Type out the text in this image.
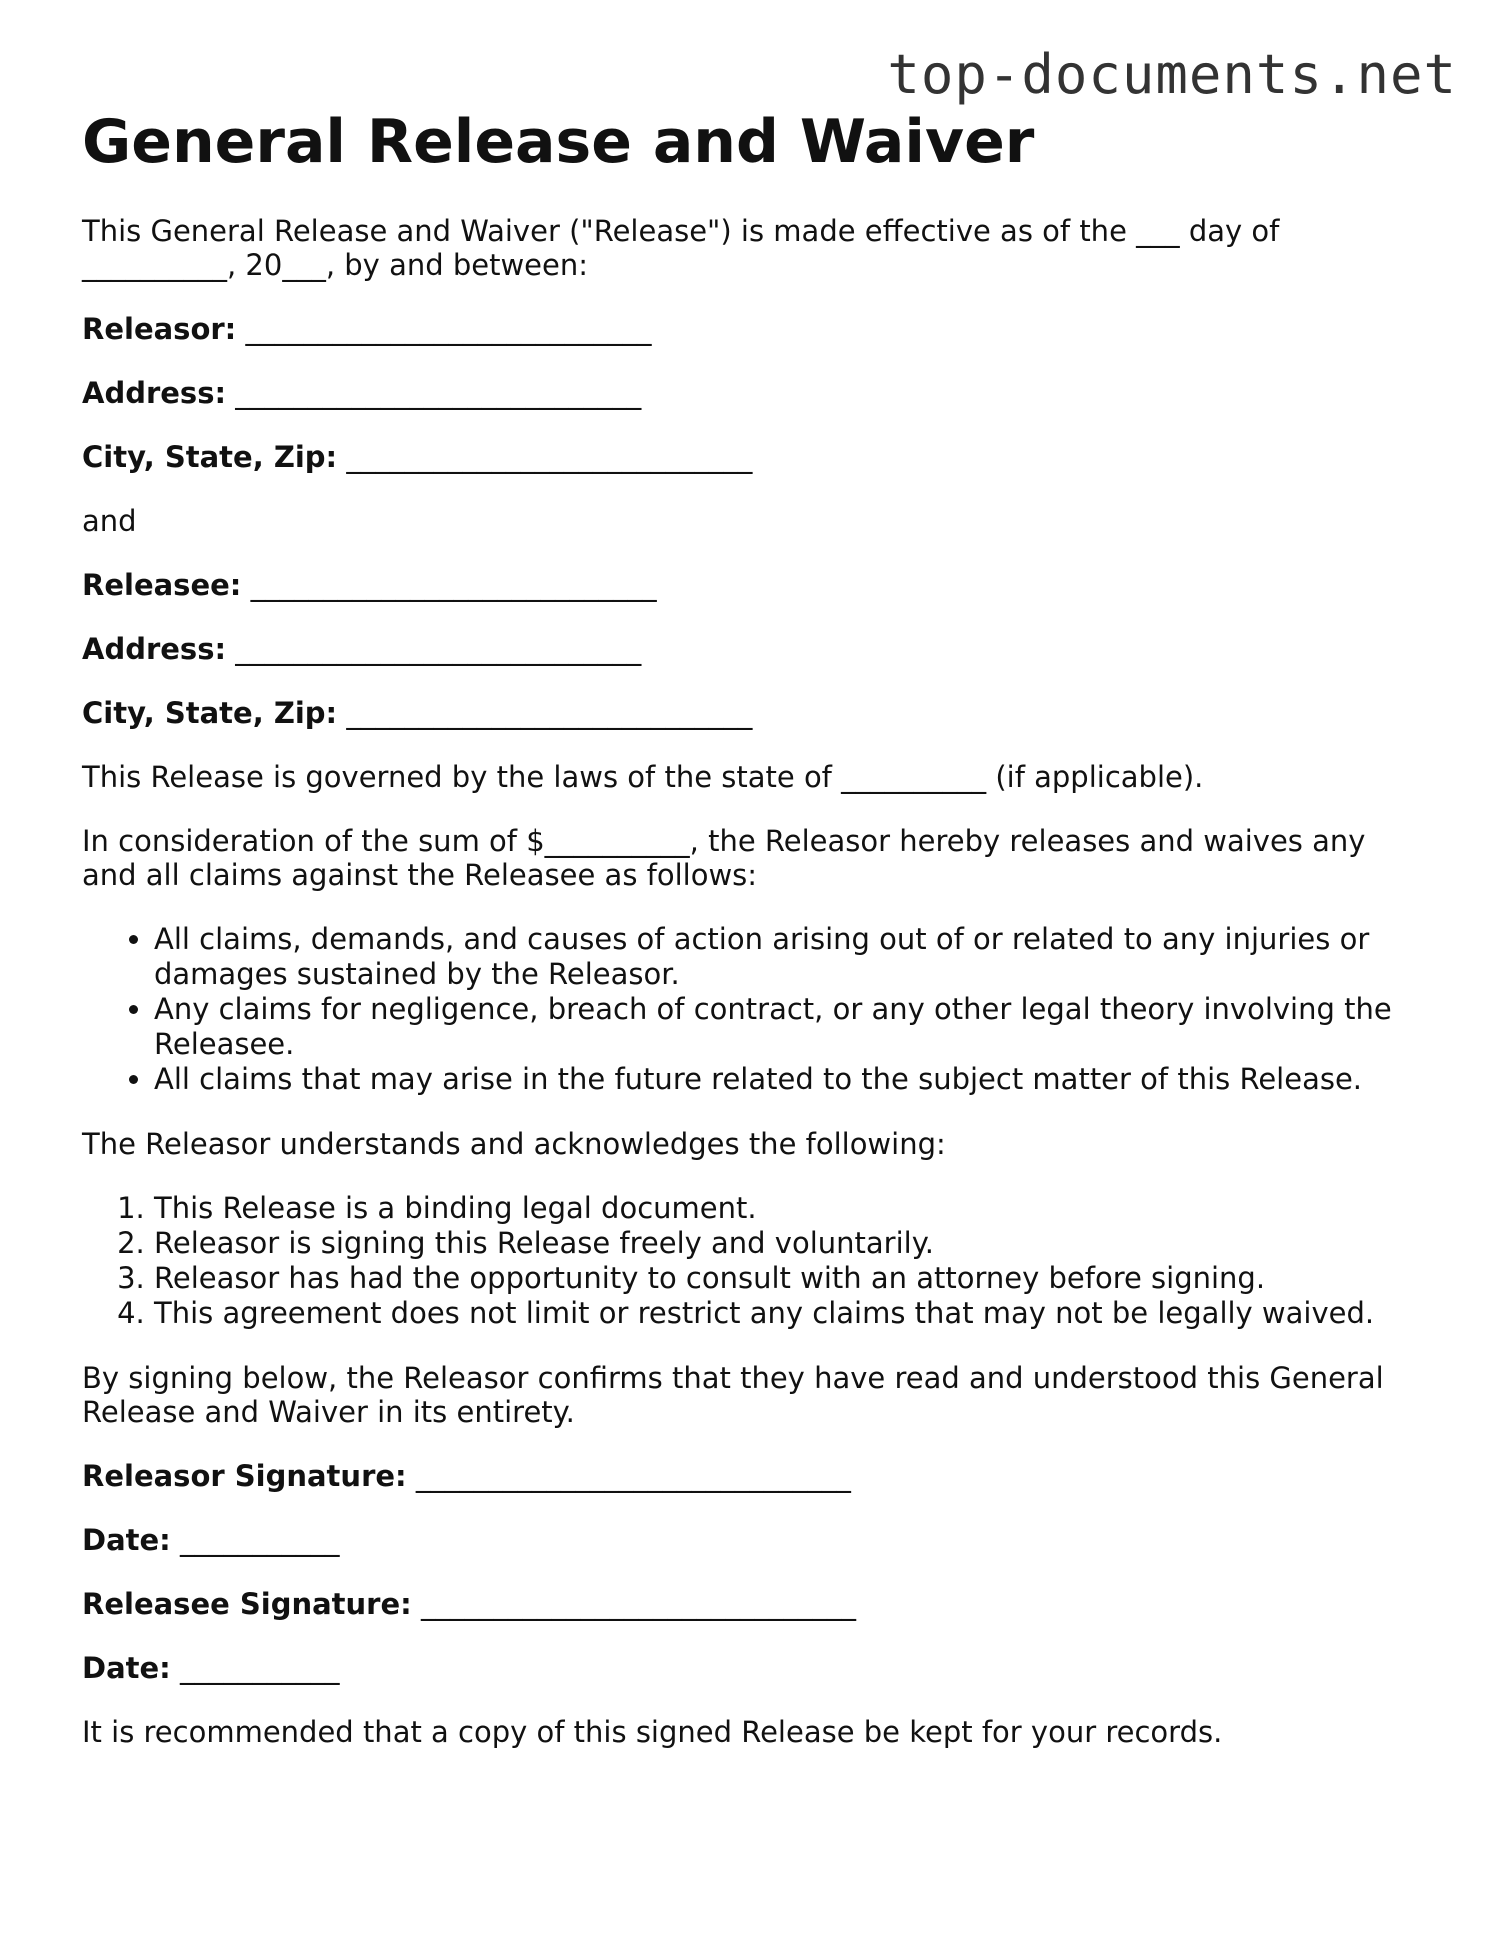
top-documents.net
General Release and Waiver

This General Release and Waiver ("Release") is made effective as of the ___ day of __________, 20___, by and between:

Releasor: ____________________________

Address: ____________________________

City, State, Zip: ____________________________

and

Releasee: ____________________________

Address: ____________________________

City, State, Zip: ____________________________

This Release is governed by the laws of the state of __________ (if applicable).

In consideration of the sum of $__________, the Releasor hereby releases and waives any and all claims against the Releasee as follows:

• All claims, demands, and causes of action arising out of or related to any injuries or damages sustained by the Releasor.
• Any claims for negligence, breach of contract, or any other legal theory involving the Releasee.
• All claims that may arise in the future related to the subject matter of this Release.

The Releasor understands and acknowledges the following:

1. This Release is a binding legal document.
2. Releasor is signing this Release freely and voluntarily.
3. Releasor has had the opportunity to consult with an attorney before signing.
4. This agreement does not limit or restrict any claims that may not be legally waived.

By signing below, the Releasor confirms that they have read and understood this General Release and Waiver in its entirety.

Releasor Signature: ______________________________

Date: ___________

Releasee Signature: ______________________________

Date: ___________

It is recommended that a copy of this signed Release be kept for your records.
